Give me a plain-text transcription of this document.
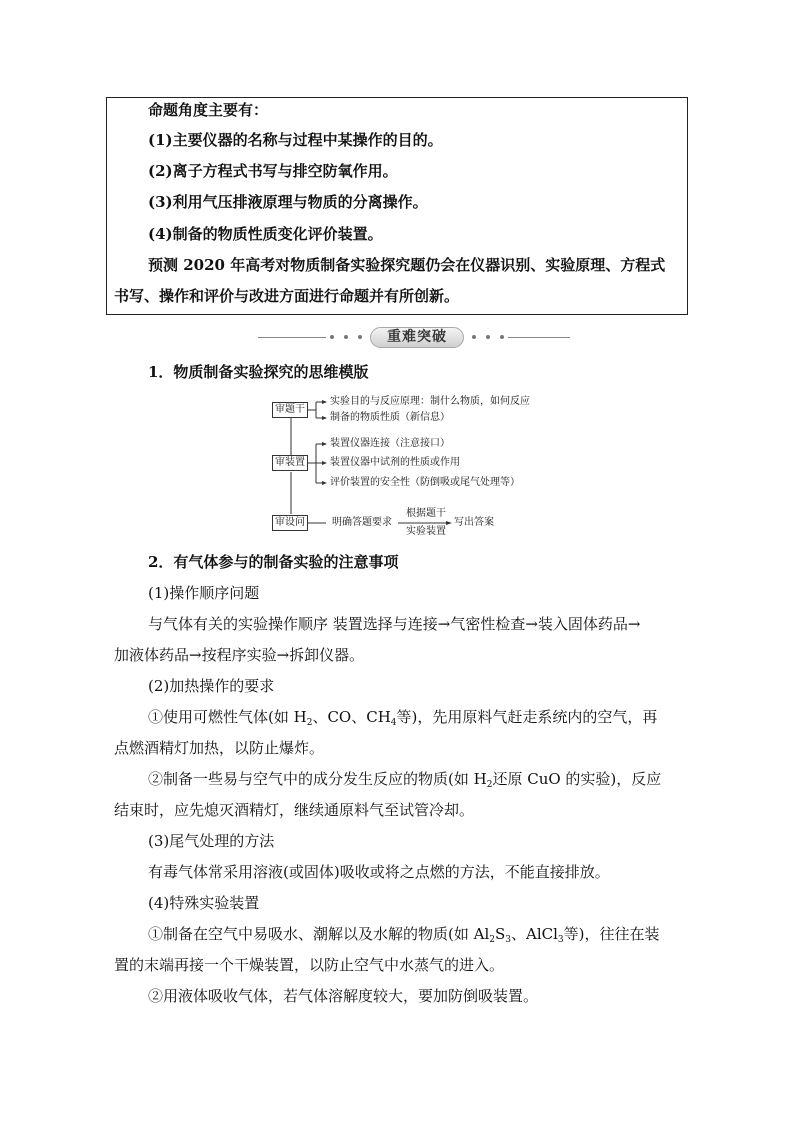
命题角度主要有：
(1)主要仪器的名称与过程中某操作的目的。
(2)离子方程式书写与排空防氧作用。
(3)利用气压排液原理与物质的分离操作。
(4)制备的物质性质变化评价装置。
预测 2020 年高考对物质制备实验探究题仍会在仪器识别、实验原理、方程式
书写、操作和评价与改进方面进行命题并有所创新。
重难突破
1．物质制备实验探究的思维模版
审题干
实验目的与反应原理：制什么物质，如何反应
制备的物质性质（新信息）
审装置
装置仪器连接（注意接口）
装置仪器中试剂的性质或作用
评价装置的安全性（防倒吸或尾气处理等）
审设问	明确答题要求
根据题干
实验装置
写出答案
2．有气体参与的制备实验的注意事项
(1)操作顺序问题
与气体有关的实验操作顺序 装置选择与连接→气密性检查→装入固体药品→
加液体药品→按程序实验→拆卸仪器。
(2)加热操作的要求
①使用可燃性气体(如 $H_2$、CO、$CH_4$等)，先用原料气赶走系统内的空气，再
点燃酒精灯加热，以防止爆炸。
②制备一些易与空气中的成分发生反应的物质(如 $H_2$还原 CuO 的实验)，反应
结束时，应先熄灭酒精灯，继续通原料气至试管冷却。
(3)尾气处理的方法
有毒气体常采用溶液(或固体)吸收或将之点燃的方法，不能直接排放。
(4)特殊实验装置
①制备在空气中易吸水、潮解以及水解的物质(如 $Al_2S_3$、AlCl$_3$等)，往往在装
置的末端再接一个干燥装置，以防止空气中水蒸气的进入。
②用液体吸收气体，若气体溶解度较大，要加防倒吸装置。
